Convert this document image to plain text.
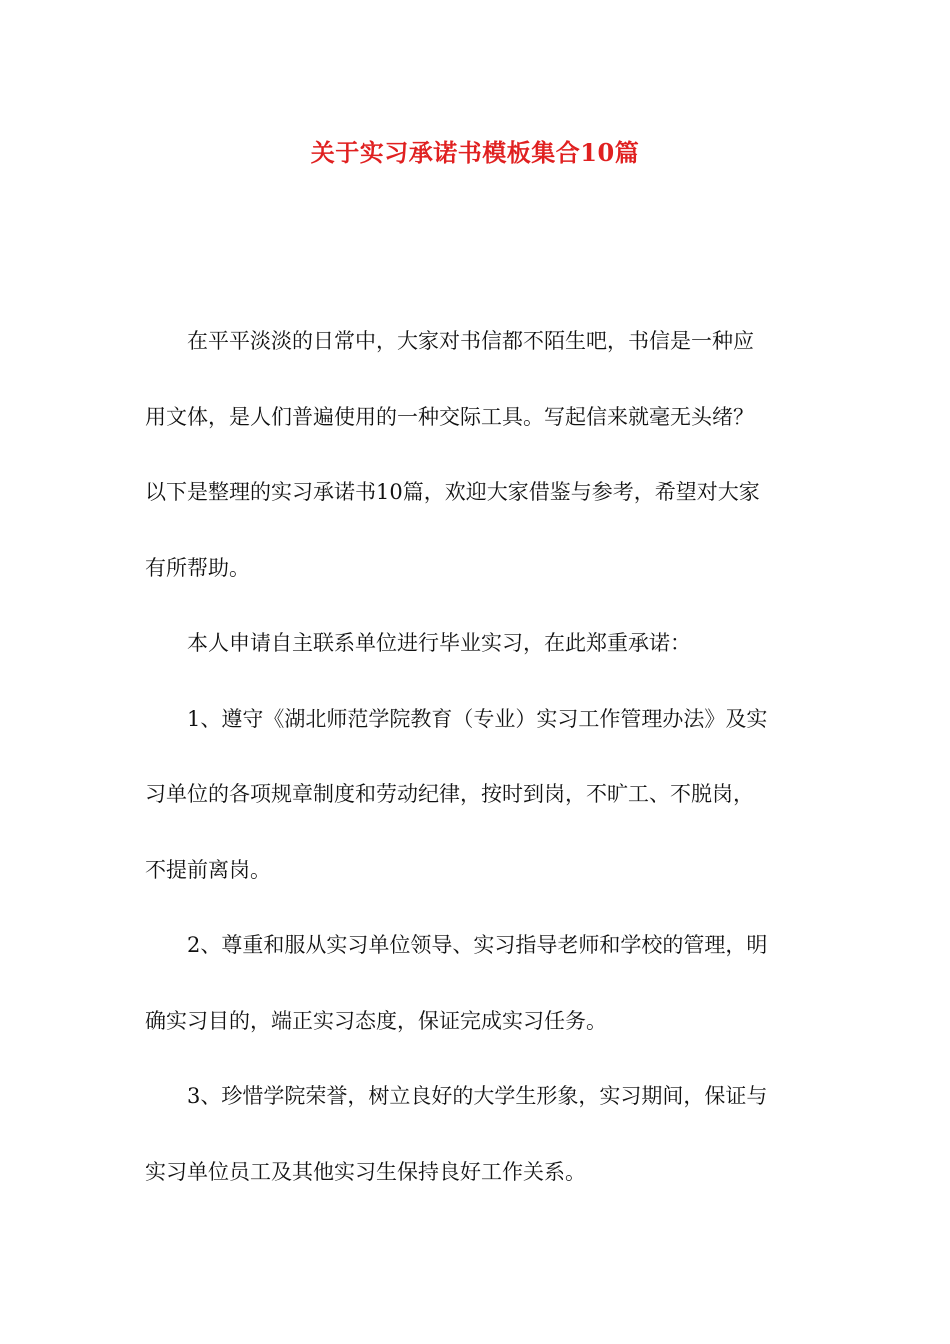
关于实习承诺书模板集合10篇
在平平淡淡的日常中，大家对书信都不陌生吧，书信是一种应
用文体，是人们普遍使用的一种交际工具。写起信来就毫无头绪？
以下是整理的实习承诺书10篇，欢迎大家借鉴与参考，希望对大家
有所帮助。
本人申请自主联系单位进行毕业实习，在此郑重承诺：
1、遵守《湖北师范学院教育（专业）实习工作管理办法》及实
习单位的各项规章制度和劳动纪律，按时到岗，不旷工、不脱岗，
不提前离岗。
2、尊重和服从实习单位领导、实习指导老师和学校的管理，明
确实习目的，端正实习态度，保证完成实习任务。
3、珍惜学院荣誉，树立良好的大学生形象，实习期间，保证与
实习单位员工及其他实习生保持良好工作关系。
